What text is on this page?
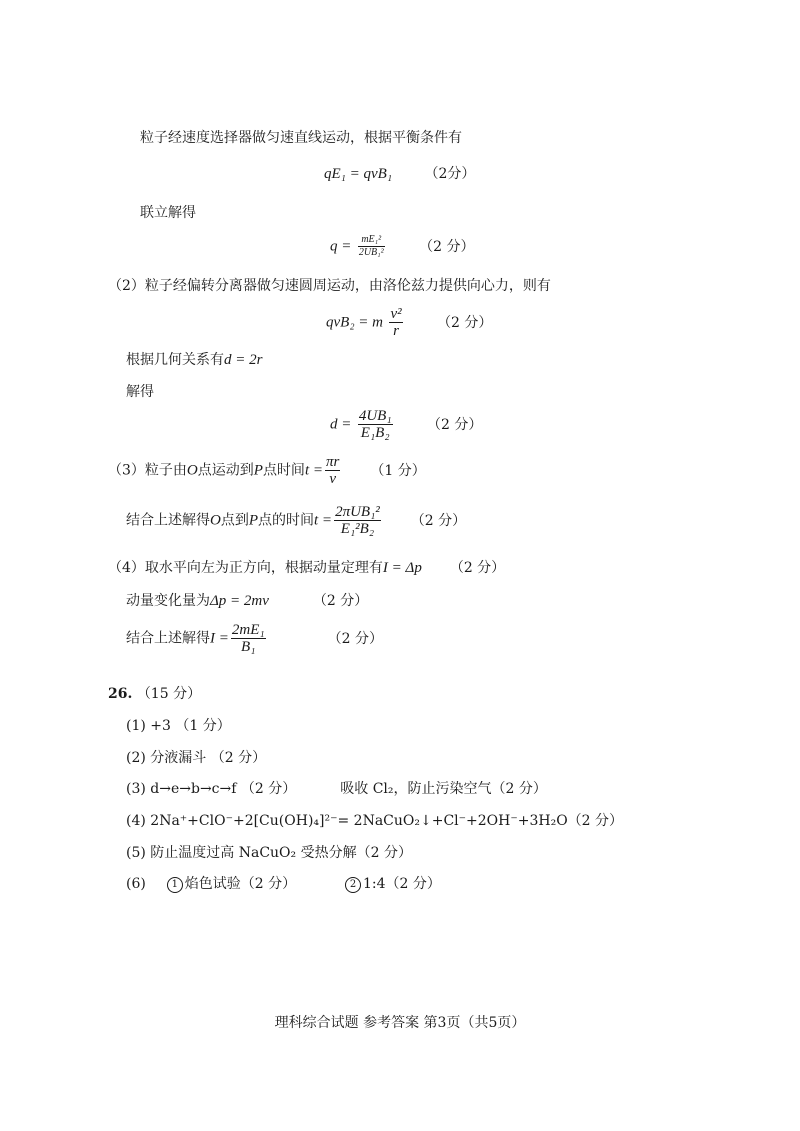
粒子经速度选择器做匀速直线运动，根据平衡条件有
qE₁ = qvB₁ （2分）
联立解得
$q = \frac{\text{mE₁²}}{\text{2UB₁²}} (2$ 分）
（2）粒子经偏转分离器做匀速圆周运动，由洛伦兹力提供向心力，则有
qvB₂ = m $\frac{\text{v²}}{r} (2$ 分）
根据几何关系有d = 2r
解得
$d = \frac{\text{4UB₁}}{\text{E₁B₂}} (2$ 分）
（3）粒子由O点运动到P点时间$t = \frac{\pi r}{v} (1$ 分）
结合上述解得O点到P点的时间$t = \frac{\text{2πUB₁²}}{\text{E₁²B₂}} (2$ 分）
（4）取水平向左为正方向，根据动量定理有I = Δp （2 分）
动量变化量为Δp = 2mv	（2 分）
结合上述解得$I = \frac{\text{2mE₁}}{\text{B₁}}$	（2 分）
26. （15 分）
(1) +3 （1 分）
(2) 分液漏斗 （2 分）
(3) d→e→b→c→f （2 分）	吸收 Cl₂，防止污染空气（2 分）
(4) 2Na⁺+ClO⁻+2[Cu(OH)₄]²⁻= 2NaCuO₂↓+Cl⁻+2OH⁻+3H₂O（2 分）
(5) 防止温度过高 NaCuO₂ 受热分解（2 分）
(6)	1 焰色试验（2 分）	2 1:4（2 分）
理科综合试题 参考答案 第3页（共5页）
